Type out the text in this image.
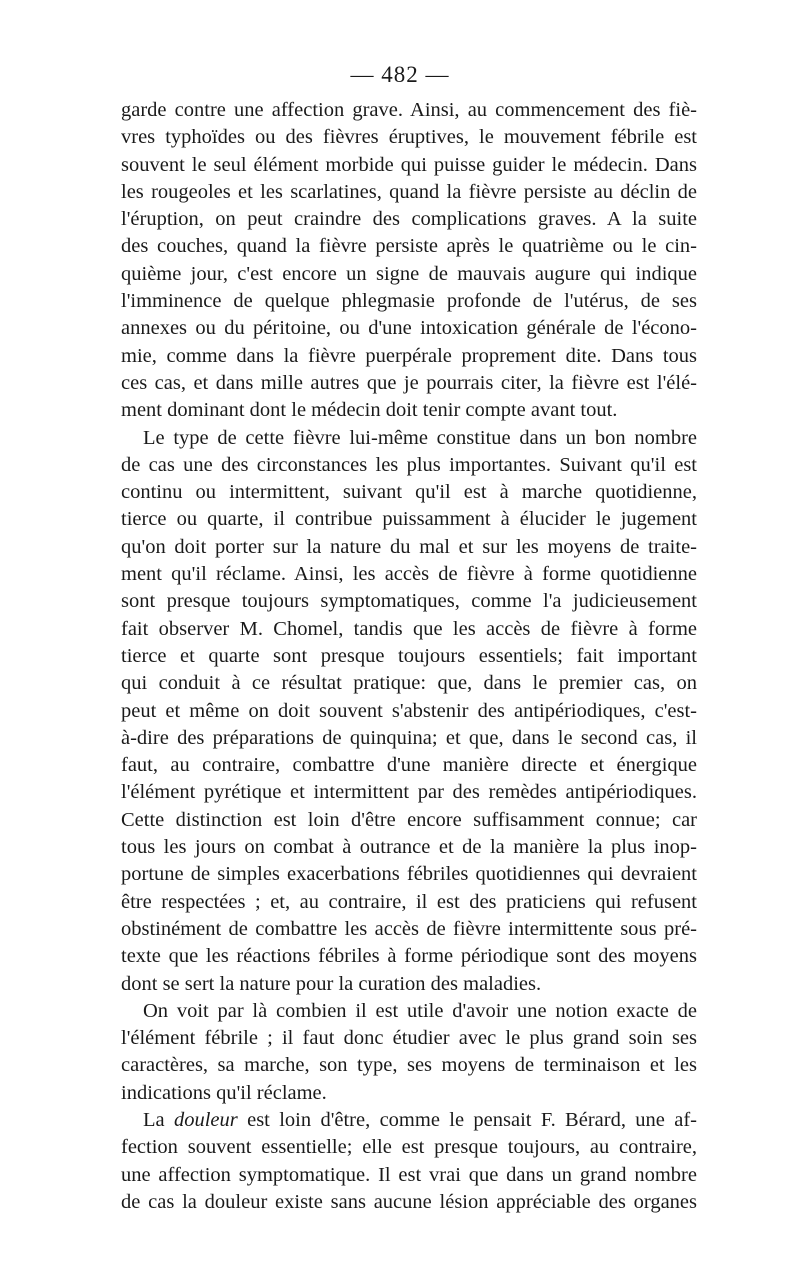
— 482 —
garde contre une affection grave. Ainsi, au commencement des fiè-
vres typhoïdes ou des fièvres éruptives, le mouvement fébrile est
souvent le seul élément morbide qui puisse guider le médecin. Dans
les rougeoles et les scarlatines, quand la fièvre persiste au déclin de
l'éruption, on peut craindre des complications graves. A la suite
des couches, quand la fièvre persiste après le quatrième ou le cin-
quième jour, c'est encore un signe de mauvais augure qui indique
l'imminence de quelque phlegmasie profonde de l'utérus, de ses
annexes ou du péritoine, ou d'une intoxication générale de l'écono-
mie, comme dans la fièvre puerpérale proprement dite. Dans tous
ces cas, et dans mille autres que je pourrais citer, la fièvre est l'élé-
ment dominant dont le médecin doit tenir compte avant tout.
Le type de cette fièvre lui-même constitue dans un bon nombre
de cas une des circonstances les plus importantes. Suivant qu'il est
continu ou intermittent, suivant qu'il est à marche quotidienne,
tierce ou quarte, il contribue puissamment à élucider le jugement
qu'on doit porter sur la nature du mal et sur les moyens de traite-
ment qu'il réclame. Ainsi, les accès de fièvre à forme quotidienne
sont presque toujours symptomatiques, comme l'a judicieusement
fait observer M. Chomel, tandis que les accès de fièvre à forme
tierce et quarte sont presque toujours essentiels; fait important
qui conduit à ce résultat pratique: que, dans le premier cas, on
peut et même on doit souvent s'abstenir des antipériodiques, c'est-
à-dire des préparations de quinquina; et que, dans le second cas, il
faut, au contraire, combattre d'une manière directe et énergique
l'élément pyrétique et intermittent par des remèdes antipériodiques.
Cette distinction est loin d'être encore suffisamment connue; car
tous les jours on combat à outrance et de la manière la plus inop-
portune de simples exacerbations fébriles quotidiennes qui devraient
être respectées ; et, au contraire, il est des praticiens qui refusent
obstinément de combattre les accès de fièvre intermittente sous pré-
texte que les réactions fébriles à forme périodique sont des moyens
dont se sert la nature pour la curation des maladies.
On voit par là combien il est utile d'avoir une notion exacte de
l'élément fébrile ; il faut donc étudier avec le plus grand soin ses
caractères, sa marche, son type, ses moyens de terminaison et les
indications qu'il réclame.
La douleur est loin d'être, comme le pensait F. Bérard, une af-
fection souvent essentielle; elle est presque toujours, au contraire,
une affection symptomatique. Il est vrai que dans un grand nombre
de cas la douleur existe sans aucune lésion appréciable des organes
